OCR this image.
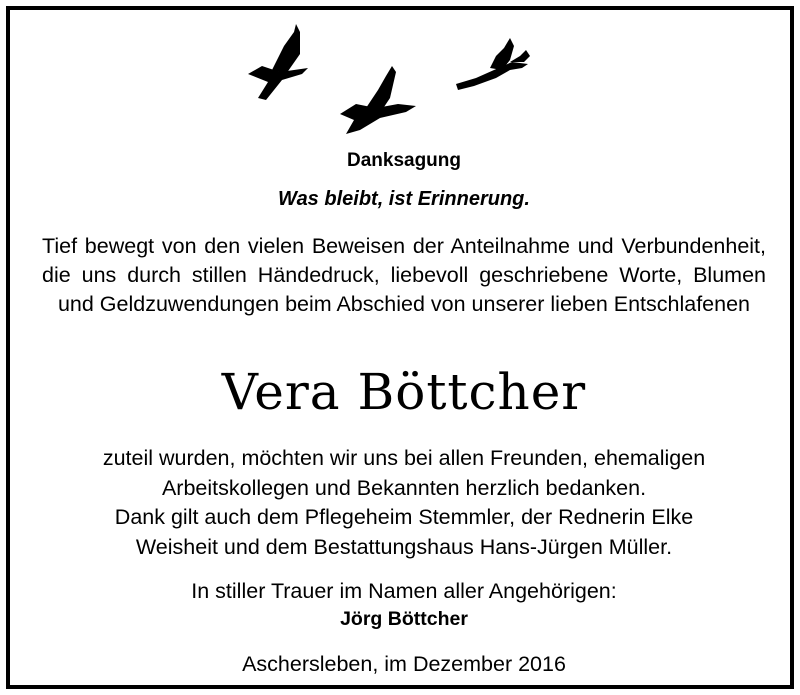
Danksagung
Was bleibt, ist Erinnerung.
Tief bewegt von den vielen Beweisen der Anteilnahme und Verbundenheit, die uns durch stillen Händedruck, liebevoll geschriebene Worte, Blumen und Geldzuwendungen beim Abschied von unserer lieben Entschlafenen
Vera Böttcher
zuteil wurden, möchten wir uns bei allen Freunden, ehemaligen
Arbeitskollegen und Bekannten herzlich bedanken.
Dank gilt auch dem Pflegeheim Stemmler, der Rednerin Elke
Weisheit und dem Bestattungshaus Hans-Jürgen Müller.
In stiller Trauer im Namen aller Angehörigen:
Jörg Böttcher
Aschersleben, im Dezember 2016
